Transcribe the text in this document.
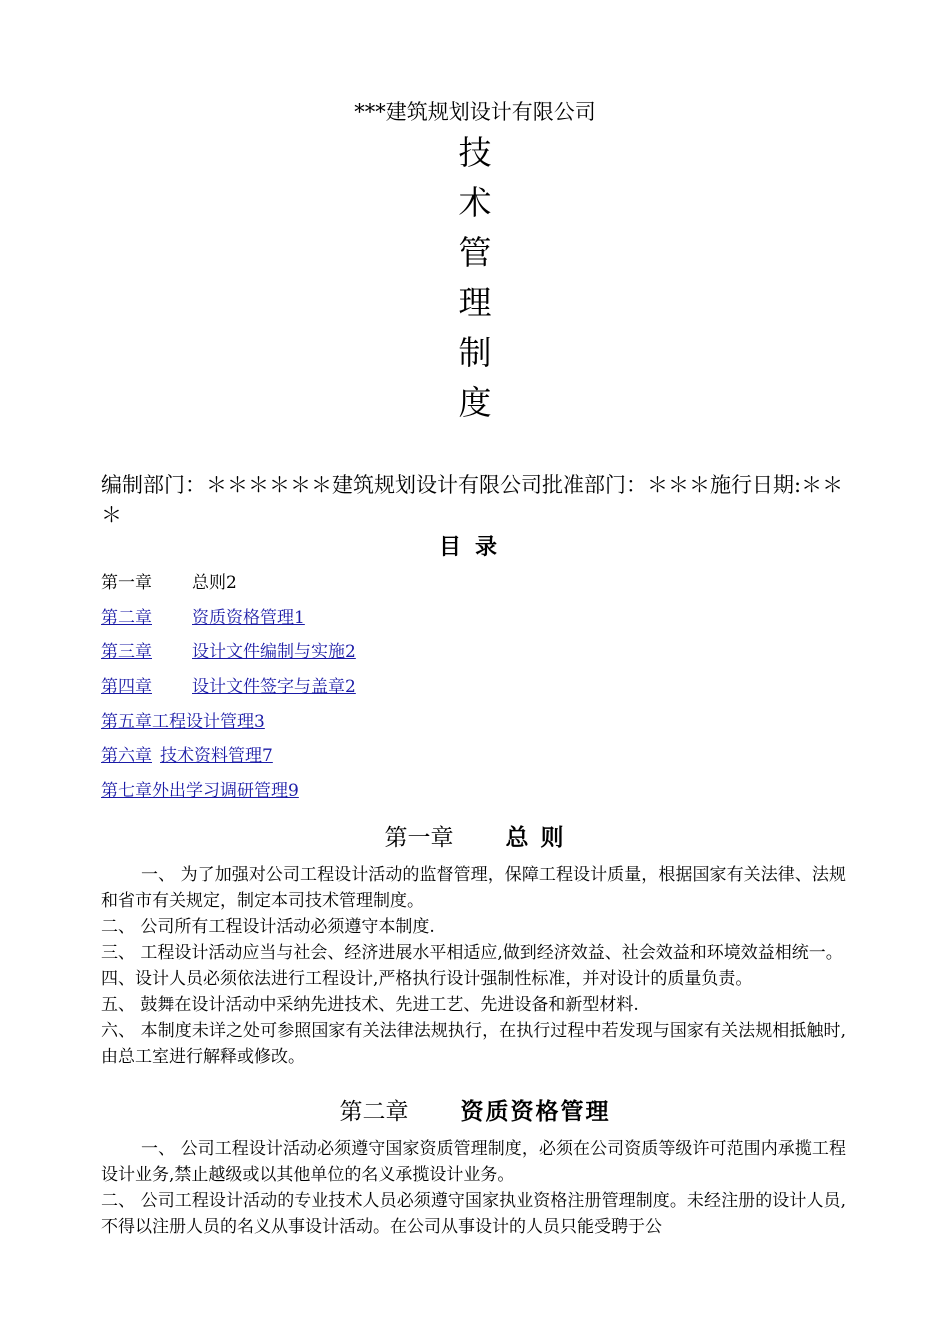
***建筑规划设计有限公司
技
术
管
理
制
度
编制部门：＊＊＊＊＊＊建筑规划设计有限公司批准部门：＊＊＊施行日期:＊＊＊
目录
第一章 总则2
第二章 资质资格管理1
第三章 设计文件编制与实施2
第四章 设计文件签字与盖章2
第五章工程设计管理3
第六章 技术资料管理7
第七章外出学习调研管理9
第一章 总 则

一、 为了加强对公司工程设计活动的监督管理，保障工程设计质量，根据国家有关法律、法规和省市有关规定，制定本司技术管理制度。

二、 公司所有工程设计活动必须遵守本制度.

三、 工程设计活动应当与社会、经济进展水平相适应,做到经济效益、社会效益和环境效益相统一。

四、设计人员必须依法进行工程设计,严格执行设计强制性标准，并对设计的质量负责。

五、 鼓舞在设计活动中采纳先进技术、先进工艺、先进设备和新型材料.

六、 本制度未详之处可参照国家有关法律法规执行，在执行过程中若发现与国家有关法规相抵触时,由总工室进行解释或修改。

第二章 资质资格管理

一、 公司工程设计活动必须遵守国家资质管理制度，必须在公司资质等级许可范围内承揽工程设计业务,禁止越级或以其他单位的名义承揽设计业务。

二、 公司工程设计活动的专业技术人员必须遵守国家执业资格注册管理制度。未经注册的设计人员,不得以注册人员的名义从事设计活动。在公司从事设计的人员只能受聘于公
